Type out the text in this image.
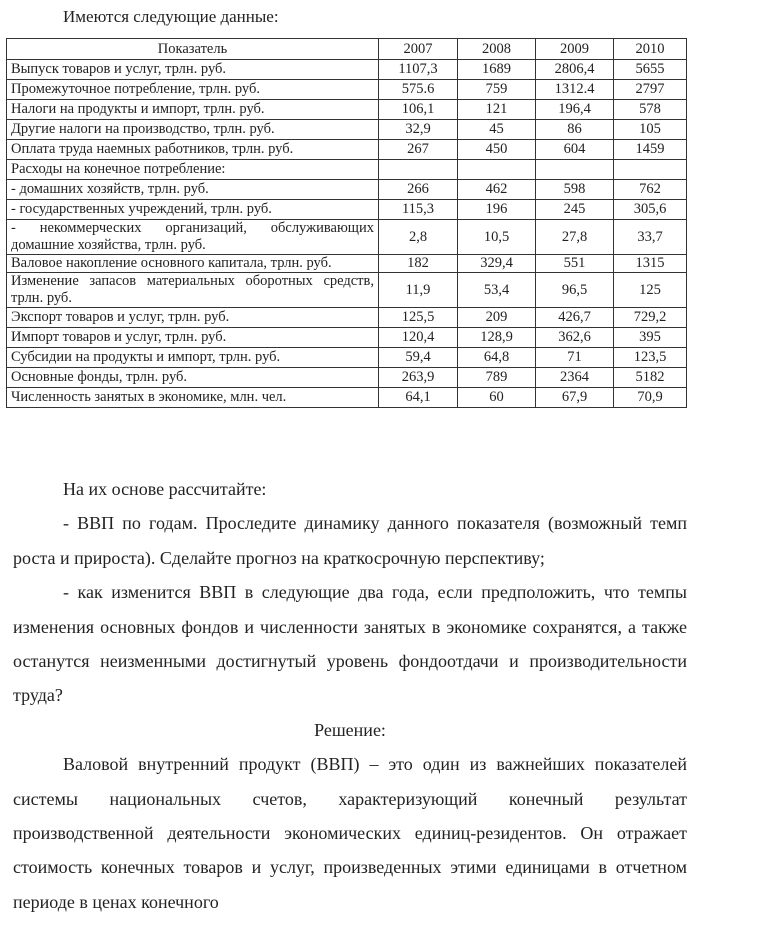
Имеются следующие данные:
Показатель	2007	2008	2009	2010
Выпуск товаров и услуг, трлн. руб.	1107,3	1689	2806,4	5655
Промежуточное потребление, трлн. руб.	575.6	759	1312.4	2797
Налоги на продукты и импорт, трлн. руб.	106,1	121	196,4	578
Другие налоги на производство, трлн. руб.	32,9	45	86	105
Оплата труда наемных работников, трлн. руб.	267	450	604	1459
Расходы на конечное потребление:				
- домашних хозяйств, трлн. руб.	266	462	598	762
- государственных учреждений, трлн. руб.	115,3	196	245	305,6
- некоммерческих организаций, обслуживающих домашние хозяйства, трлн. руб.	2,8	10,5	27,8	33,7
Валовое накопление основного капитала, трлн. руб.	182	329,4	551	1315
Изменение запасов материальных оборотных средств, трлн. руб.	11,9	53,4	96,5	125
Экспорт товаров и услуг, трлн. руб.	125,5	209	426,7	729,2
Импорт товаров и услуг, трлн. руб.	120,4	128,9	362,6	395
Субсидии на продукты и импорт, трлн. руб.	59,4	64,8	71	123,5
Основные фонды, трлн. руб.	263,9	789	2364	5182
Численность занятых в экономике, млн. чел.	64,1	60	67,9	70,9

На их основе рассчитайте:

- ВВП по годам. Проследите динамику данного показателя (возможный темп роста и прироста). Сделайте прогноз на краткосрочную перспективу;

- как изменится ВВП в следующие два года, если предположить, что темпы изменения основных фондов и численности занятых в экономике сохранятся, а также останутся неизменными достигнутый уровень фондоотдачи и производительности труда?

Решение:

Валовой внутренний продукт (ВВП) – это один из важнейших показателей системы национальных счетов, характеризующий конечный результат производственной деятельности экономических единиц-резидентов. Он отражает стоимость конечных товаров и услуг, произведенных этими единицами в отчетном периоде в ценах конечного
